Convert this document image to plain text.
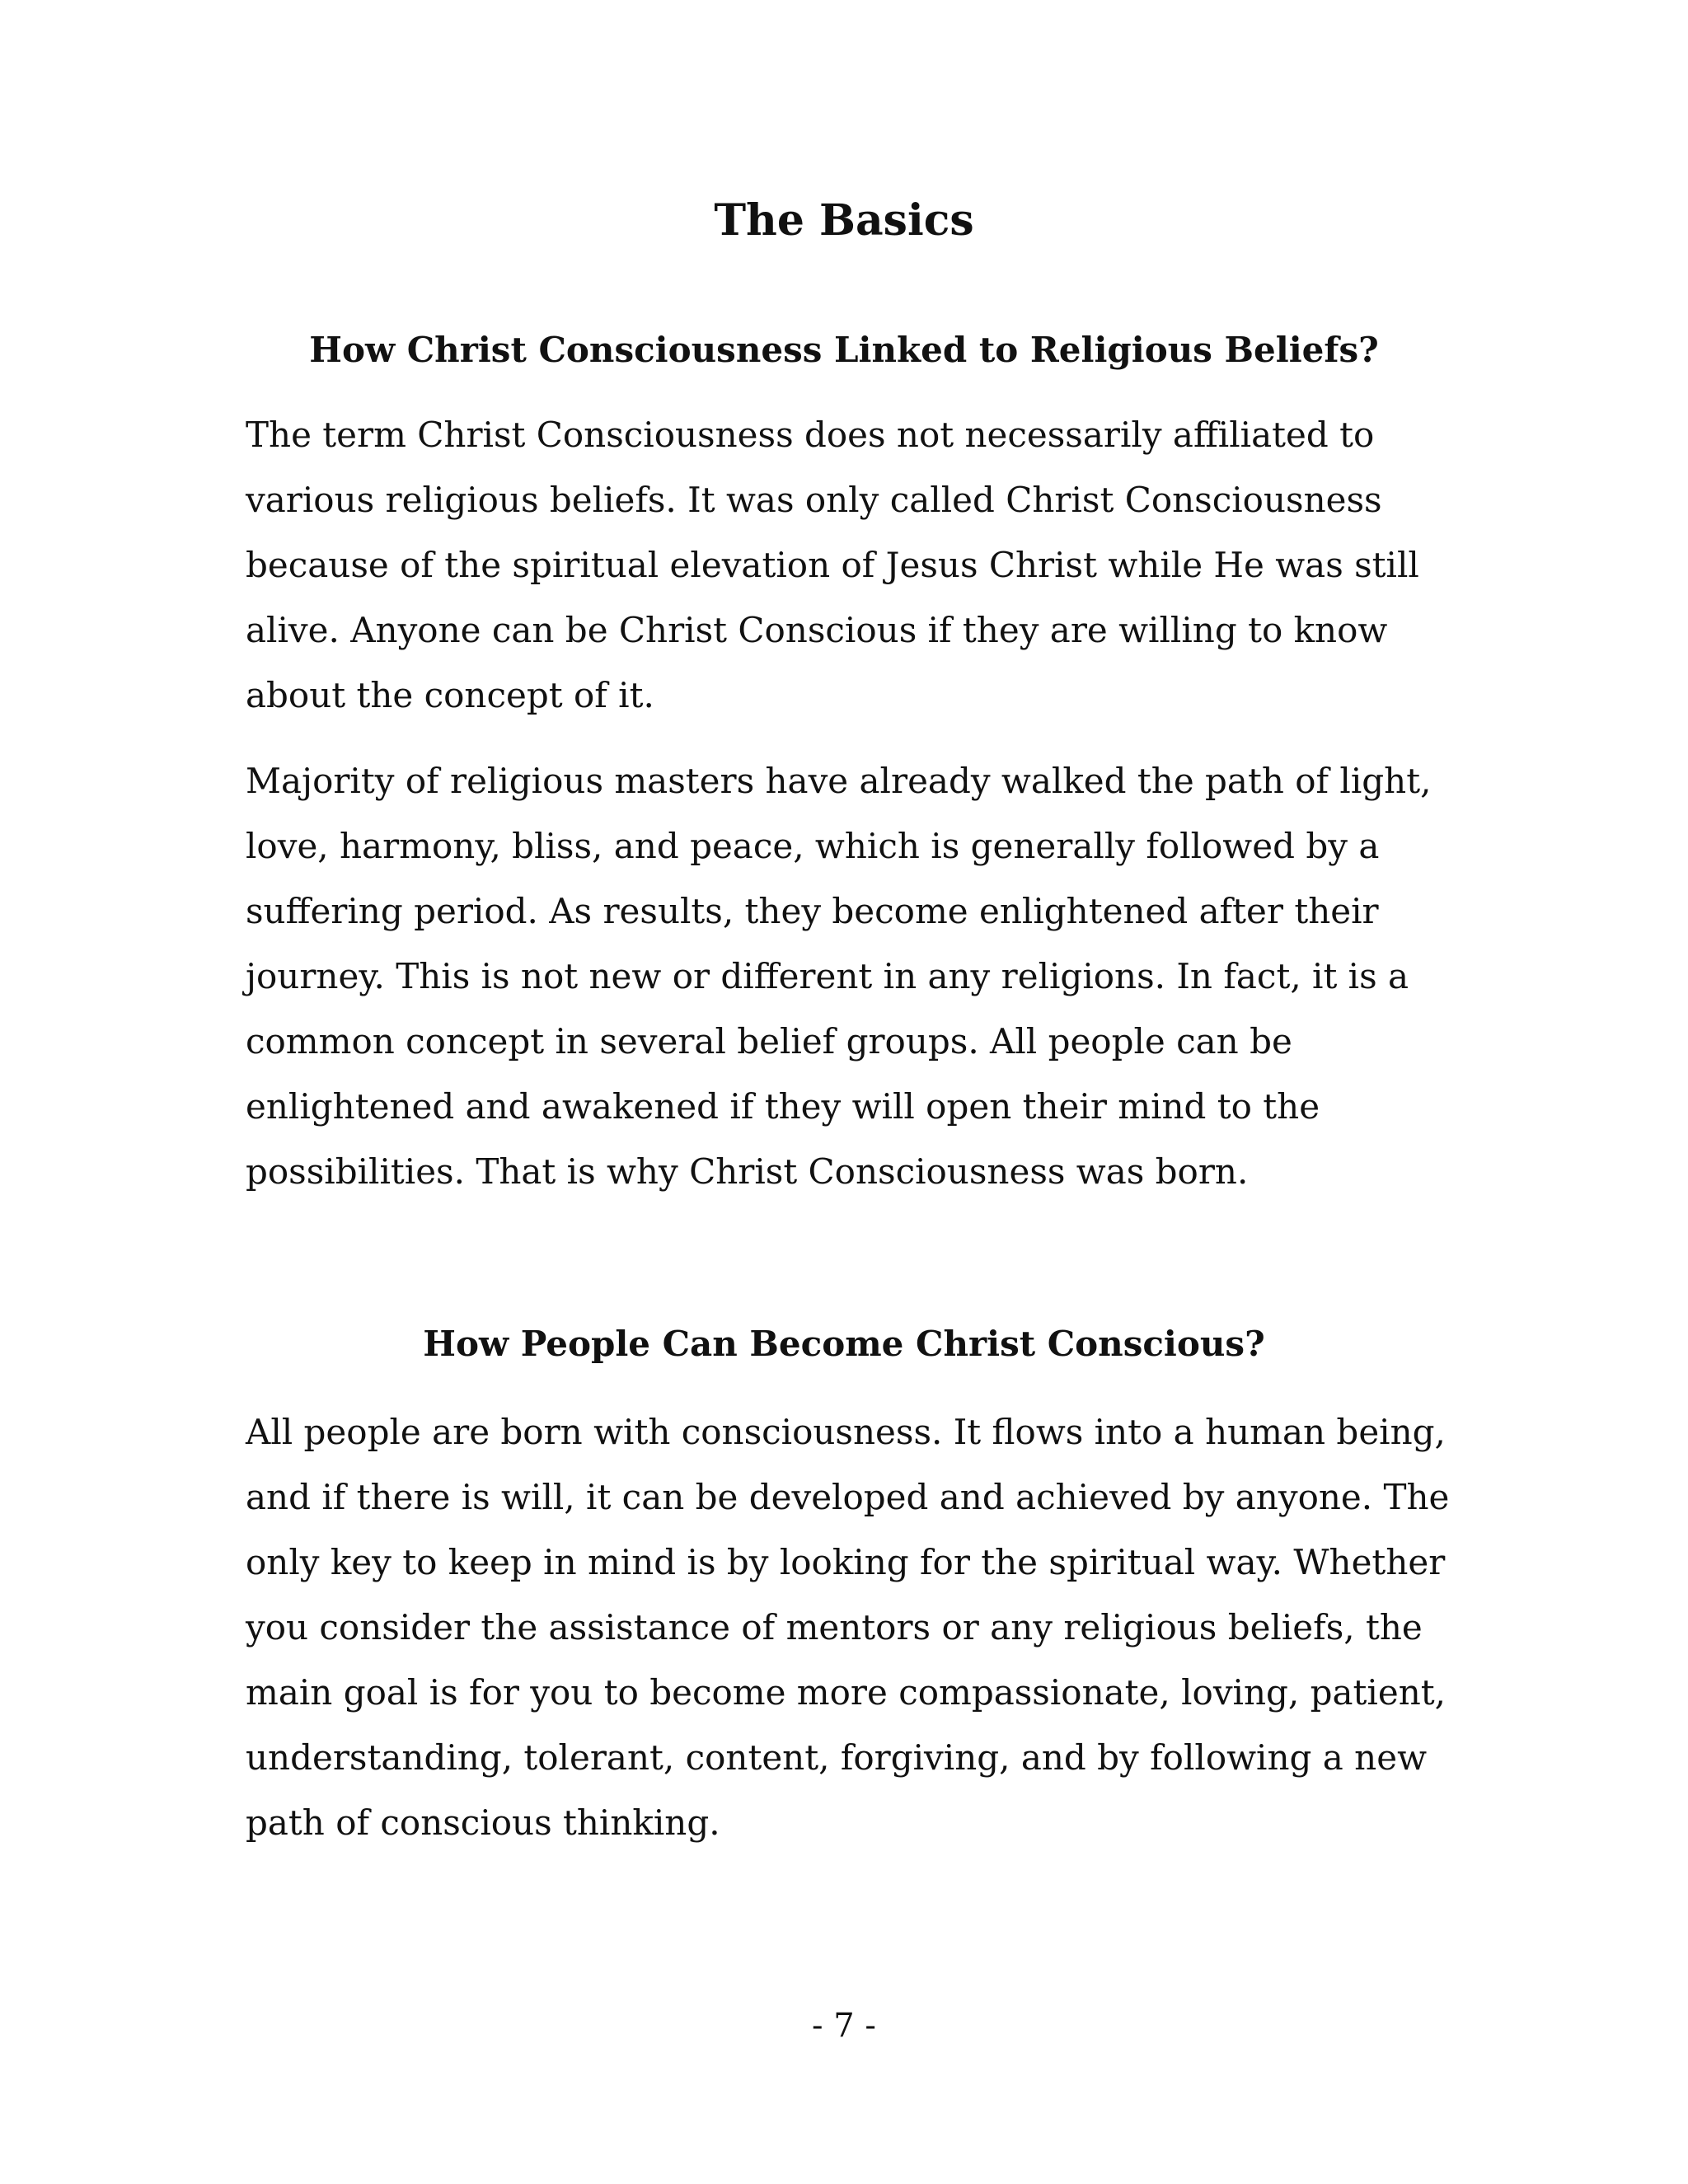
The Basics
How Christ Consciousness Linked to Religious Beliefs?

The term Christ Consciousness does not necessarily affiliated to
various religious beliefs. It was only called Christ Consciousness
because of the spiritual elevation of Jesus Christ while He was still
alive. Anyone can be Christ Conscious if they are willing to know
about the concept of it.

Majority of religious masters have already walked the path of light,
love, harmony, bliss, and peace, which is generally followed by a
suffering period. As results, they become enlightened after their
journey. This is not new or different in any religions. In fact, it is a
common concept in several belief groups. All people can be
enlightened and awakened if they will open their mind to the
possibilities. That is why Christ Consciousness was born.

How People Can Become Christ Conscious?

All people are born with consciousness. It flows into a human being,
and if there is will, it can be developed and achieved by anyone. The
only key to keep in mind is by looking for the spiritual way. Whether
you consider the assistance of mentors or any religious beliefs, the
main goal is for you to become more compassionate, loving, patient,
understanding, tolerant, content, forgiving, and by following a new
path of conscious thinking.

- 7 -
